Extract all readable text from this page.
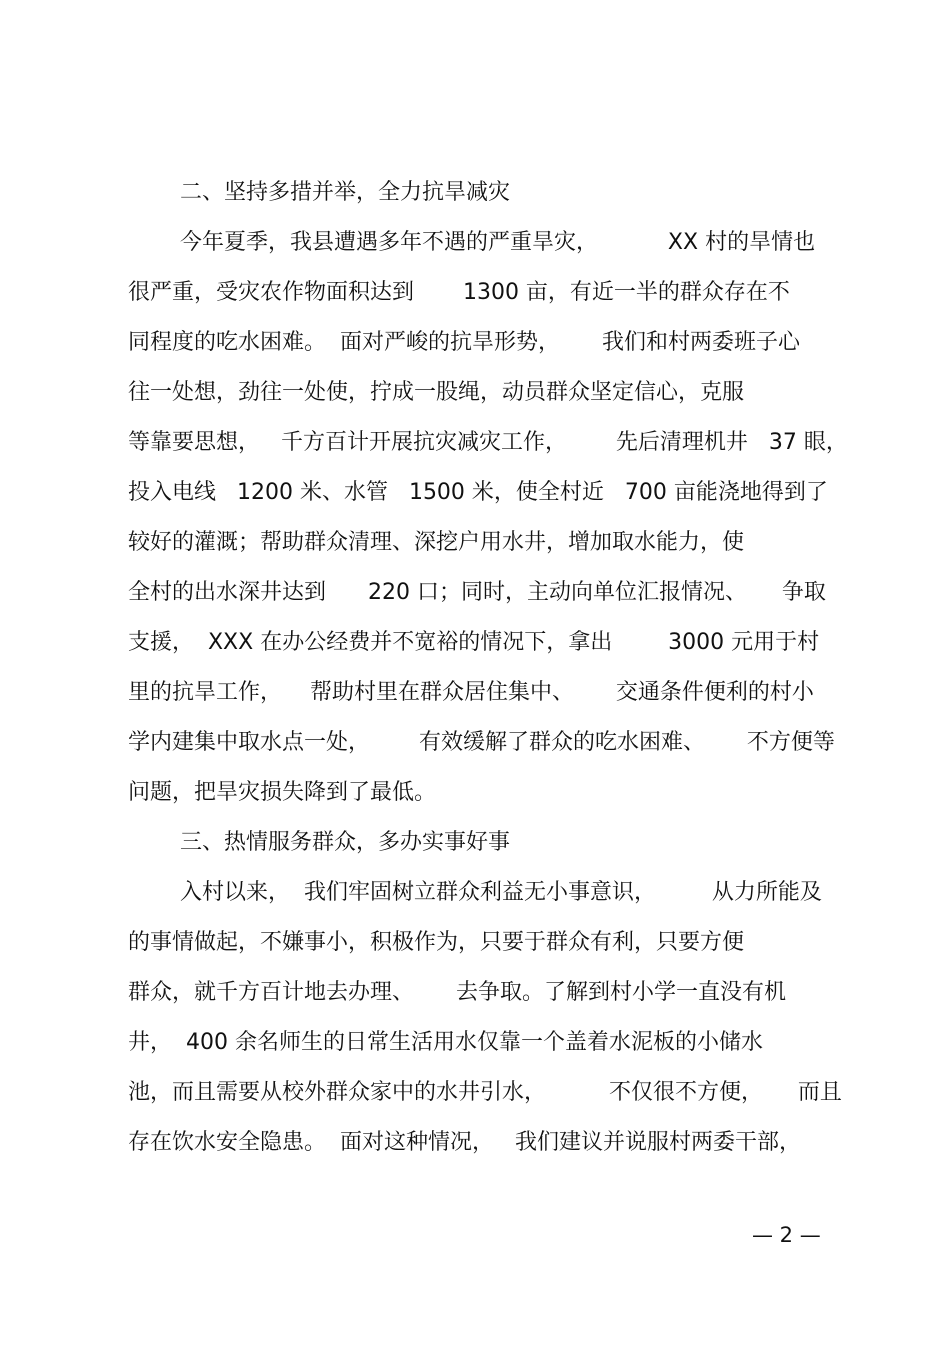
二、坚持多措并举，全力抗旱减灾
今年夏季，我县遭遇多年不遇的严重旱灾，          XX 村的旱情也
很严重，受灾农作物面积达到       1300 亩，有近一半的群众存在不
同程度的吃水困难。  面对严峻的抗旱形势，      我们和村两委班子心
往一处想，劲往一处使，拧成一股绳，动员群众坚定信心，克服
等靠要思想，   千方百计开展抗灾减灾工作，       先后清理机井   37 眼，
投入电线   1200 米、水管   1500 米，使全村近   700 亩能浇地得到了
较好的灌溉；帮助群众清理、深挖户用水井，增加取水能力，使
全村的出水深井达到      220 口；同时，主动向单位汇报情况、     争取
支援，  XXX 在办公经费并不宽裕的情况下，拿出        3000 元用于村
里的抗旱工作，    帮助村里在群众居住集中、      交通条件便利的村小
学内建集中取水点一处，       有效缓解了群众的吃水困难、      不方便等
问题，把旱灾损失降到了最低。
三、热情服务群众，多办实事好事
入村以来，  我们牢固树立群众利益无小事意识，        从力所能及
的事情做起，不嫌事小，积极作为，只要于群众有利，只要方便
群众，就千方百计地去办理、      去争取。了解到村小学一直没有机
井，  400 余名师生的日常生活用水仅靠一个盖着水泥板的小储水
池，而且需要从校外群众家中的水井引水，         不仅很不方便，     而且
存在饮水安全隐患。  面对这种情况，   我们建议并说服村两委干部，
— 2 —
